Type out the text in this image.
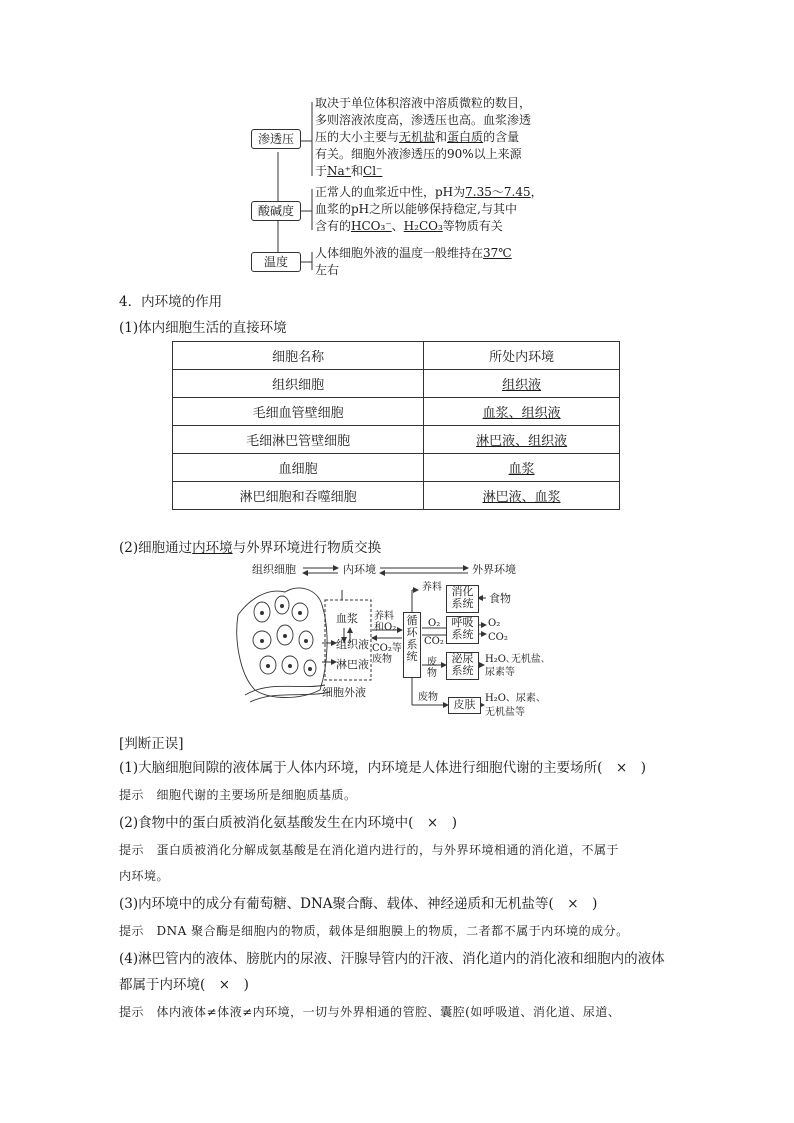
渗透压
酸碱度
温度
取决于单位体积溶液中溶质微粒的数目，
多则溶液浓度高，渗透压也高。血浆渗透
压的大小主要与无机盐和蛋白质的含量
有关。细胞外液渗透压的90%以上来源
于Na⁺和Cl⁻
正常人的血浆近中性，pH为7.35～7.45，
血浆的pH之所以能够保持稳定,与其中
含有的HCO₃⁻、H₂CO₃等物质有关
人体细胞外液的温度一般维持在37℃
左右
4．内环境的作用
(1)体内细胞生活的直接环境
细胞名称	所处内环境
组织细胞	组织液
毛细血管壁细胞	血浆、组织液
毛细淋巴管壁细胞	淋巴液、组织液
血细胞	血浆
淋巴细胞和吞噬细胞	淋巴液、血浆
(2)细胞通过内环境与外界环境进行物质交换
组织细胞	内环境	外界环境
血浆
组织液
淋巴液
细胞外液
养料
和O₂
CO₂等
废物
循
环
系
统
养料 消化
系统	食物
O₂
CO₂
呼吸
系统
O₂
CO₂
废
物
泌尿
系统
H₂O､无机盐､
尿素等
废物
皮肤 H₂O、尿素、
无机盐等
[判断正误]
(1)大脑细胞间隙的液体属于人体内环境，内环境是人体进行细胞代谢的主要场所(　×　)
提示　 细胞代谢的主要场所是细胞质基质。
(2)食物中的蛋白质被消化氨基酸发生在内环境中(　×　)
提示　 蛋白质被消化分解成氨基酸是在消化道内进行的，与外界环境相通的消化道，不属于
内环境。
(3)内环境中的成分有葡萄糖、DNA聚合酶、载体、神经递质和无机盐等(　×　)
提示　 DNA 聚合酶是细胞内的物质，载体是细胞膜上的物质，二者都不属于内环境的成分。
(4)淋巴管内的液体、膀胱内的尿液、汗腺导管内的汗液、消化道内的消化液和细胞内的液体
都属于内环境(　×　)
提示　 体内液体≠体液≠内环境，一切与外界相通的管腔、囊腔(如呼吸道、消化道、尿道、
